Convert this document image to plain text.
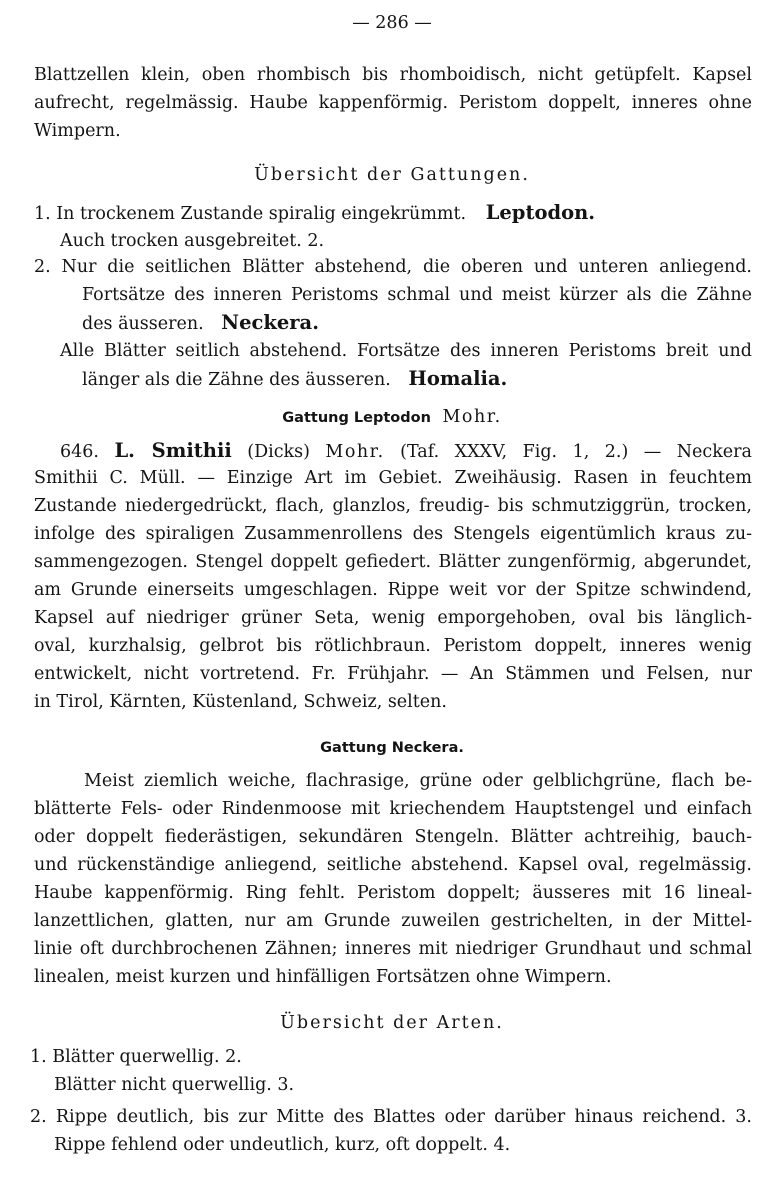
— 286 —
Blattzellen klein, oben rhombisch bis rhomboidisch, nicht getüpfelt. Kapsel
aufrecht, regelmässig. Haube kappenförmig. Peristom doppelt, inneres ohne
Wimpern.
Übersicht der Gattungen.
1. In trockenem Zustande spiralig eingekrümmt. Leptodon.
Auch trocken ausgebreitet. 2.
2. Nur die seitlichen Blätter abstehend, die oberen und unteren anliegend.
Fortsätze des inneren Peristoms schmal und meist kürzer als die Zähne
des äusseren. Neckera.
Alle Blätter seitlich abstehend. Fortsätze des inneren Peristoms breit und
länger als die Zähne des äusseren. Homalia.
Gattung Leptodon Mohr.
646. L. Smithii (Dicks) Mohr. (Taf. XXXV, Fig. 1, 2.) — Neckera
Smithii C. Müll. — Einzige Art im Gebiet. Zweihäusig. Rasen in feuchtem
Zustande niedergedrückt, flach, glanzlos, freudig- bis schmutziggrün, trocken,
infolge des spiraligen Zusammenrollens des Stengels eigentümlich kraus zu-
sammengezogen. Stengel doppelt gefiedert. Blätter zungenförmig, abgerundet,
am Grunde einerseits umgeschlagen. Rippe weit vor der Spitze schwindend,
Kapsel auf niedriger grüner Seta, wenig emporgehoben, oval bis länglich-
oval, kurzhalsig, gelbrot bis rötlichbraun. Peristom doppelt, inneres wenig
entwickelt, nicht vortretend. Fr. Frühjahr. — An Stämmen und Felsen, nur
in Tirol, Kärnten, Küstenland, Schweiz, selten.
Gattung Neckera.
Meist ziemlich weiche, flachrasige, grüne oder gelblichgrüne, flach be-
blätterte Fels- oder Rindenmoose mit kriechendem Hauptstengel und einfach
oder doppelt fiederästigen, sekundären Stengeln. Blätter achtreihig, bauch-
und rückenständige anliegend, seitliche abstehend. Kapsel oval, regelmässig.
Haube kappenförmig. Ring fehlt. Peristom doppelt; äusseres mit 16 lineal-
lanzettlichen, glatten, nur am Grunde zuweilen gestrichelten, in der Mittel-
linie oft durchbrochenen Zähnen; inneres mit niedriger Grundhaut und schmal
linealen, meist kurzen und hinfälligen Fortsätzen ohne Wimpern.
Übersicht der Arten.
1. Blätter querwellig. 2.
Blätter nicht querwellig. 3.
2. Rippe deutlich, bis zur Mitte des Blattes oder darüber hinaus reichend. 3.
Rippe fehlend oder undeutlich, kurz, oft doppelt. 4.
